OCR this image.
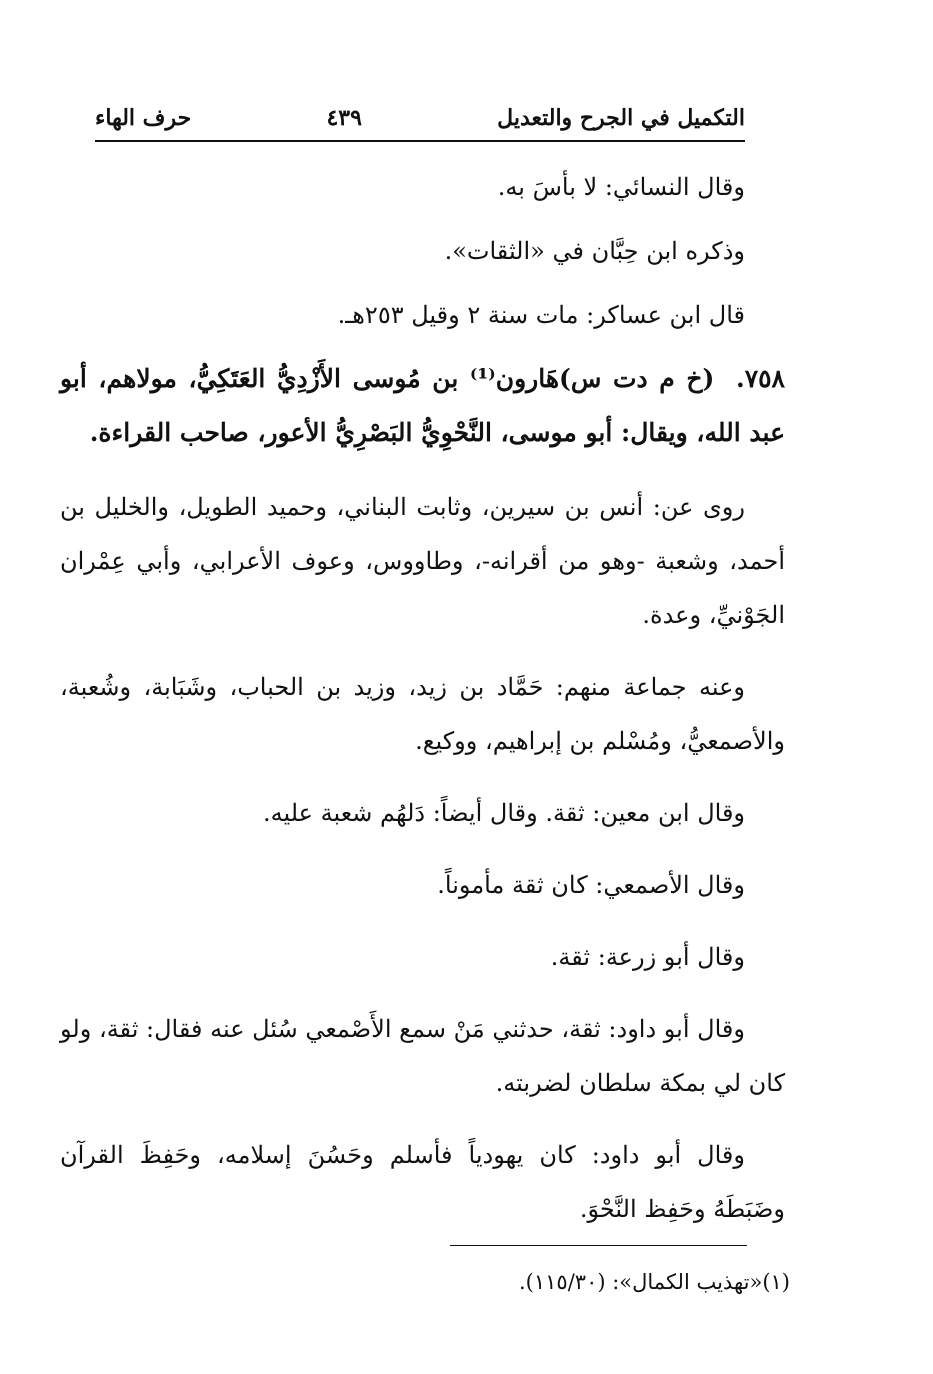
التكميل في الجرح والتعديل
٤٣٩
حرف الهاء

وقال النسائي: لا بأسَ به.

وذكره ابن حِبَّان في «الثقات».

قال ابن عساكر: مات سنة ٢ وقيل ٢٥٣هـ.

٧٥٨. (خ م دت س)هَارون⁽¹⁾ بن مُوسى الأَزْدِيُّ العَتَكِيُّ، مولاهم، أبو عبد الله، ويقال: أبو موسى، النَّحْوِيُّ البَصْرِيُّ الأعور، صاحب القراءة.

روى عن: أنس بن سيرين، وثابت البناني، وحميد الطويل، والخليل بن أحمد، وشعبة -وهو من أقرانه-، وطاووس، وعوف الأعرابي، وأبي عِمْران الجَوْنيِّ، وعدة.

وعنه جماعة منهم: حَمَّاد بن زيد، وزيد بن الحباب، وشَبَابة، وشُعبة، والأصمعيُّ، ومُسْلم بن إبراهيم، ووكيع.

وقال ابن معين: ثقة. وقال أيضاً: دَلهُم شعبة عليه.

وقال الأصمعي: كان ثقة مأموناً.

وقال أبو زرعة: ثقة.

وقال أبو داود: ثقة، حدثني مَنْ سمع الأَصْمعي سُئل عنه فقال: ثقة، ولو كان لي بمكة سلطان لضربته.

وقال أبو داود: كان يهودياً فأسلم وحَسُنَ إسلامه، وحَفِظَ القرآن وضَبَطَهُ وحَفِظ النَّحْوَ.

(١)«تهذيب الكمال»: (١١٥/٣٠).
